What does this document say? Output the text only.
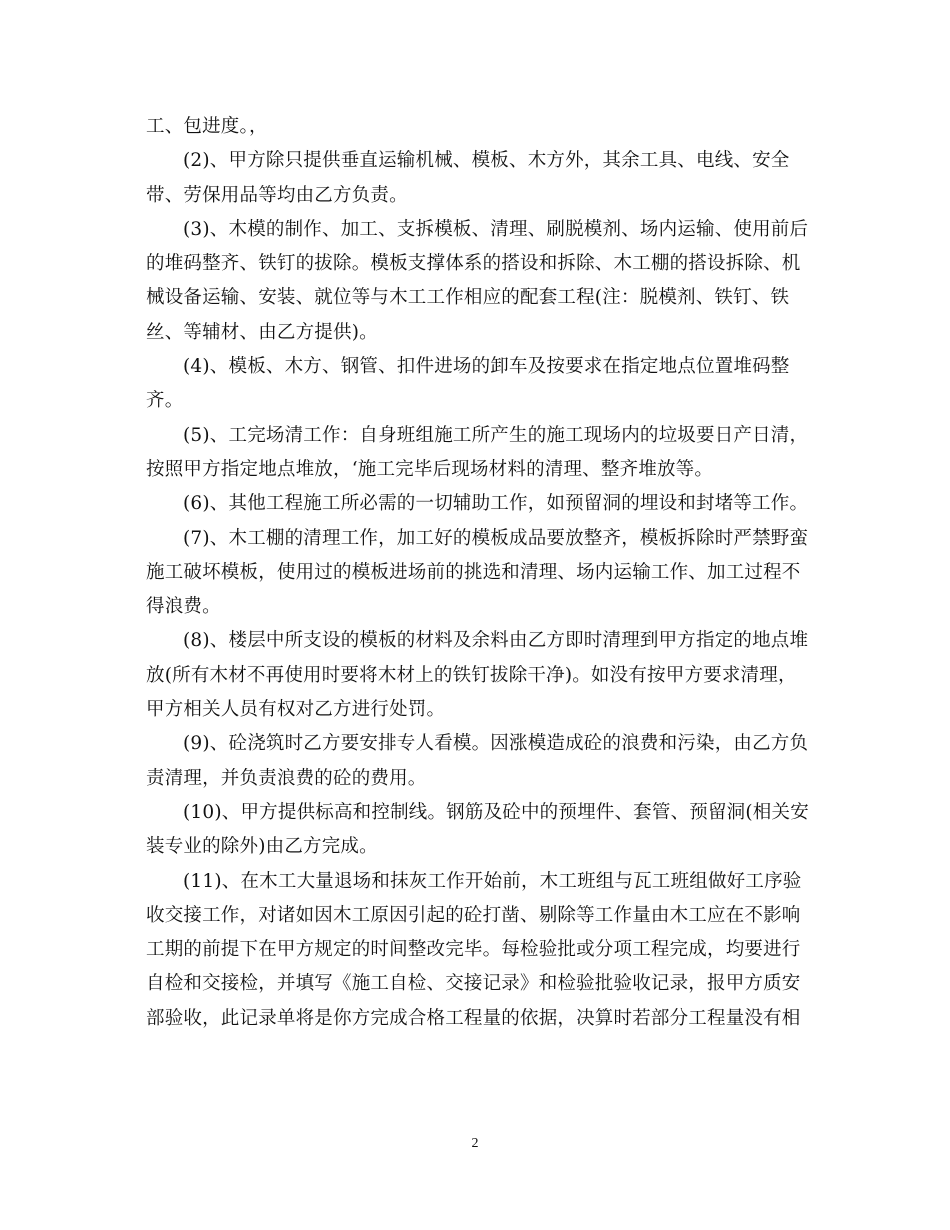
工、包进度。，
(2)、甲方除只提供垂直运输机械、模板、木方外，其余工具、电线、安全
带、劳保用品等均由乙方负责。
(3)、木模的制作、加工、支拆模板、清理、刷脱模剂、场内运输、使用前后
的堆码整齐、铁钉的拔除。模板支撑体系的搭设和拆除、木工棚的搭设拆除、机
械设备运输、安装、就位等与木工工作相应的配套工程(注：脱模剂、铁钉、铁
丝、等辅材、由乙方提供)。
(4)、模板、木方、钢管、扣件进场的卸车及按要求在指定地点位置堆码整
齐。
(5)、工完场清工作：自身班组施工所产生的施工现场内的垃圾要日产日清，
按照甲方指定地点堆放，‘施工完毕后现场材料的清理、整齐堆放等。
(6)、其他工程施工所必需的一切辅助工作，如预留洞的埋设和封堵等工作。
(7)、木工棚的清理工作，加工好的模板成品要放整齐，模板拆除时严禁野蛮
施工破坏模板，使用过的模板进场前的挑选和清理、场内运输工作、加工过程不
得浪费。
(8)、楼层中所支设的模板的材料及余料由乙方即时清理到甲方指定的地点堆
放(所有木材不再使用时要将木材上的铁钉拔除干净)。如没有按甲方要求清理，
甲方相关人员有权对乙方进行处罚。
(9)、砼浇筑时乙方要安排专人看模。因涨模造成砼的浪费和污染，由乙方负
责清理，并负责浪费的砼的费用。
(10)、甲方提供标高和控制线。钢筋及砼中的预埋件、套管、预留洞(相关安
装专业的除外)由乙方完成。
(11)、在木工大量退场和抹灰工作开始前，木工班组与瓦工班组做好工序验
收交接工作，对诸如因木工原因引起的砼打凿、剔除等工作量由木工应在不影响
工期的前提下在甲方规定的时间整改完毕。每检验批或分项工程完成，均要进行
自检和交接检，并填写《施工自检、交接记录》和检验批验收记录，报甲方质安
部验收，此记录单将是你方完成合格工程量的依据，决算时若部分工程量没有相
2
